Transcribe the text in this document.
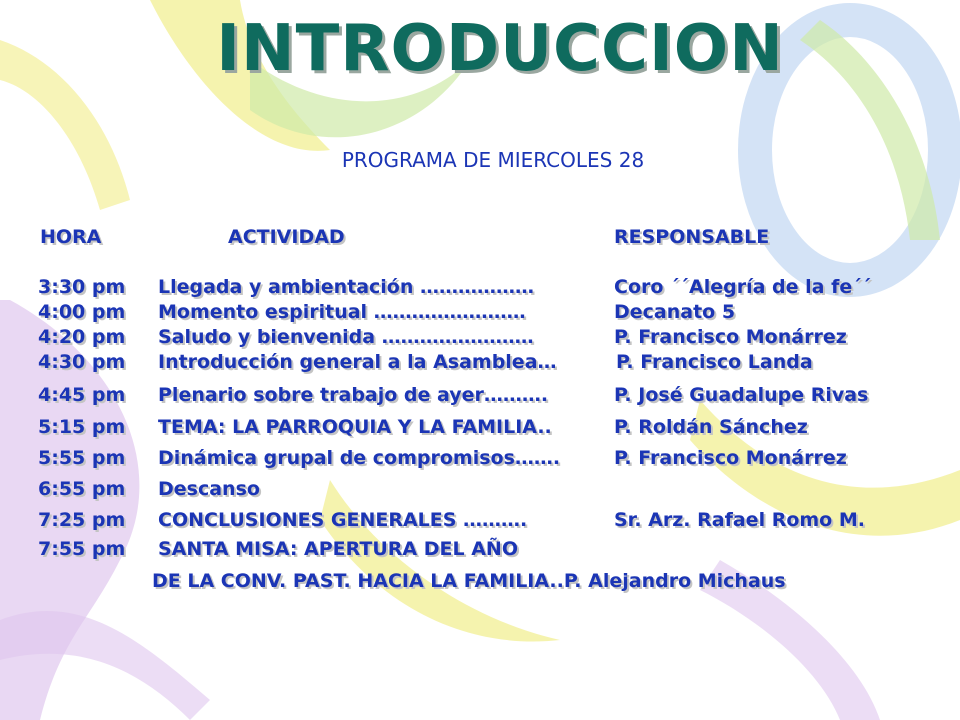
INTRODUCCION
PROGRAMA DE MIERCOLES 28
HORA	ACTIVIDAD	RESPONSABLE
3:30 pm Llegada y ambientación ………………	Coro ´´Alegría de la fe´´
4:00 pm Momento espiritual ……………………	Decanato 5
4:20 pm Saludo y bienvenida ……………………	P. Francisco Monárrez
4:30 pm Introducción general a la Asamblea…	P. Francisco Landa
4:45 pm Plenario sobre trabajo de ayer……….	P. José Guadalupe Rivas
5:15 pm TEMA: LA PARROQUIA Y LA FAMILIA..	P. Roldán Sánchez
5:55 pm Dinámica grupal de compromisos…….	P. Francisco Monárrez
6:55 pm Descanso
7:25 pm CONCLUSIONES GENERALES ……….	Sr. Arz. Rafael Romo M.
7:55 pm SANTA MISA: APERTURA DEL AÑO
DE LA CONV. PAST. HACIA LA FAMILIA..P. Alejandro Michaus
